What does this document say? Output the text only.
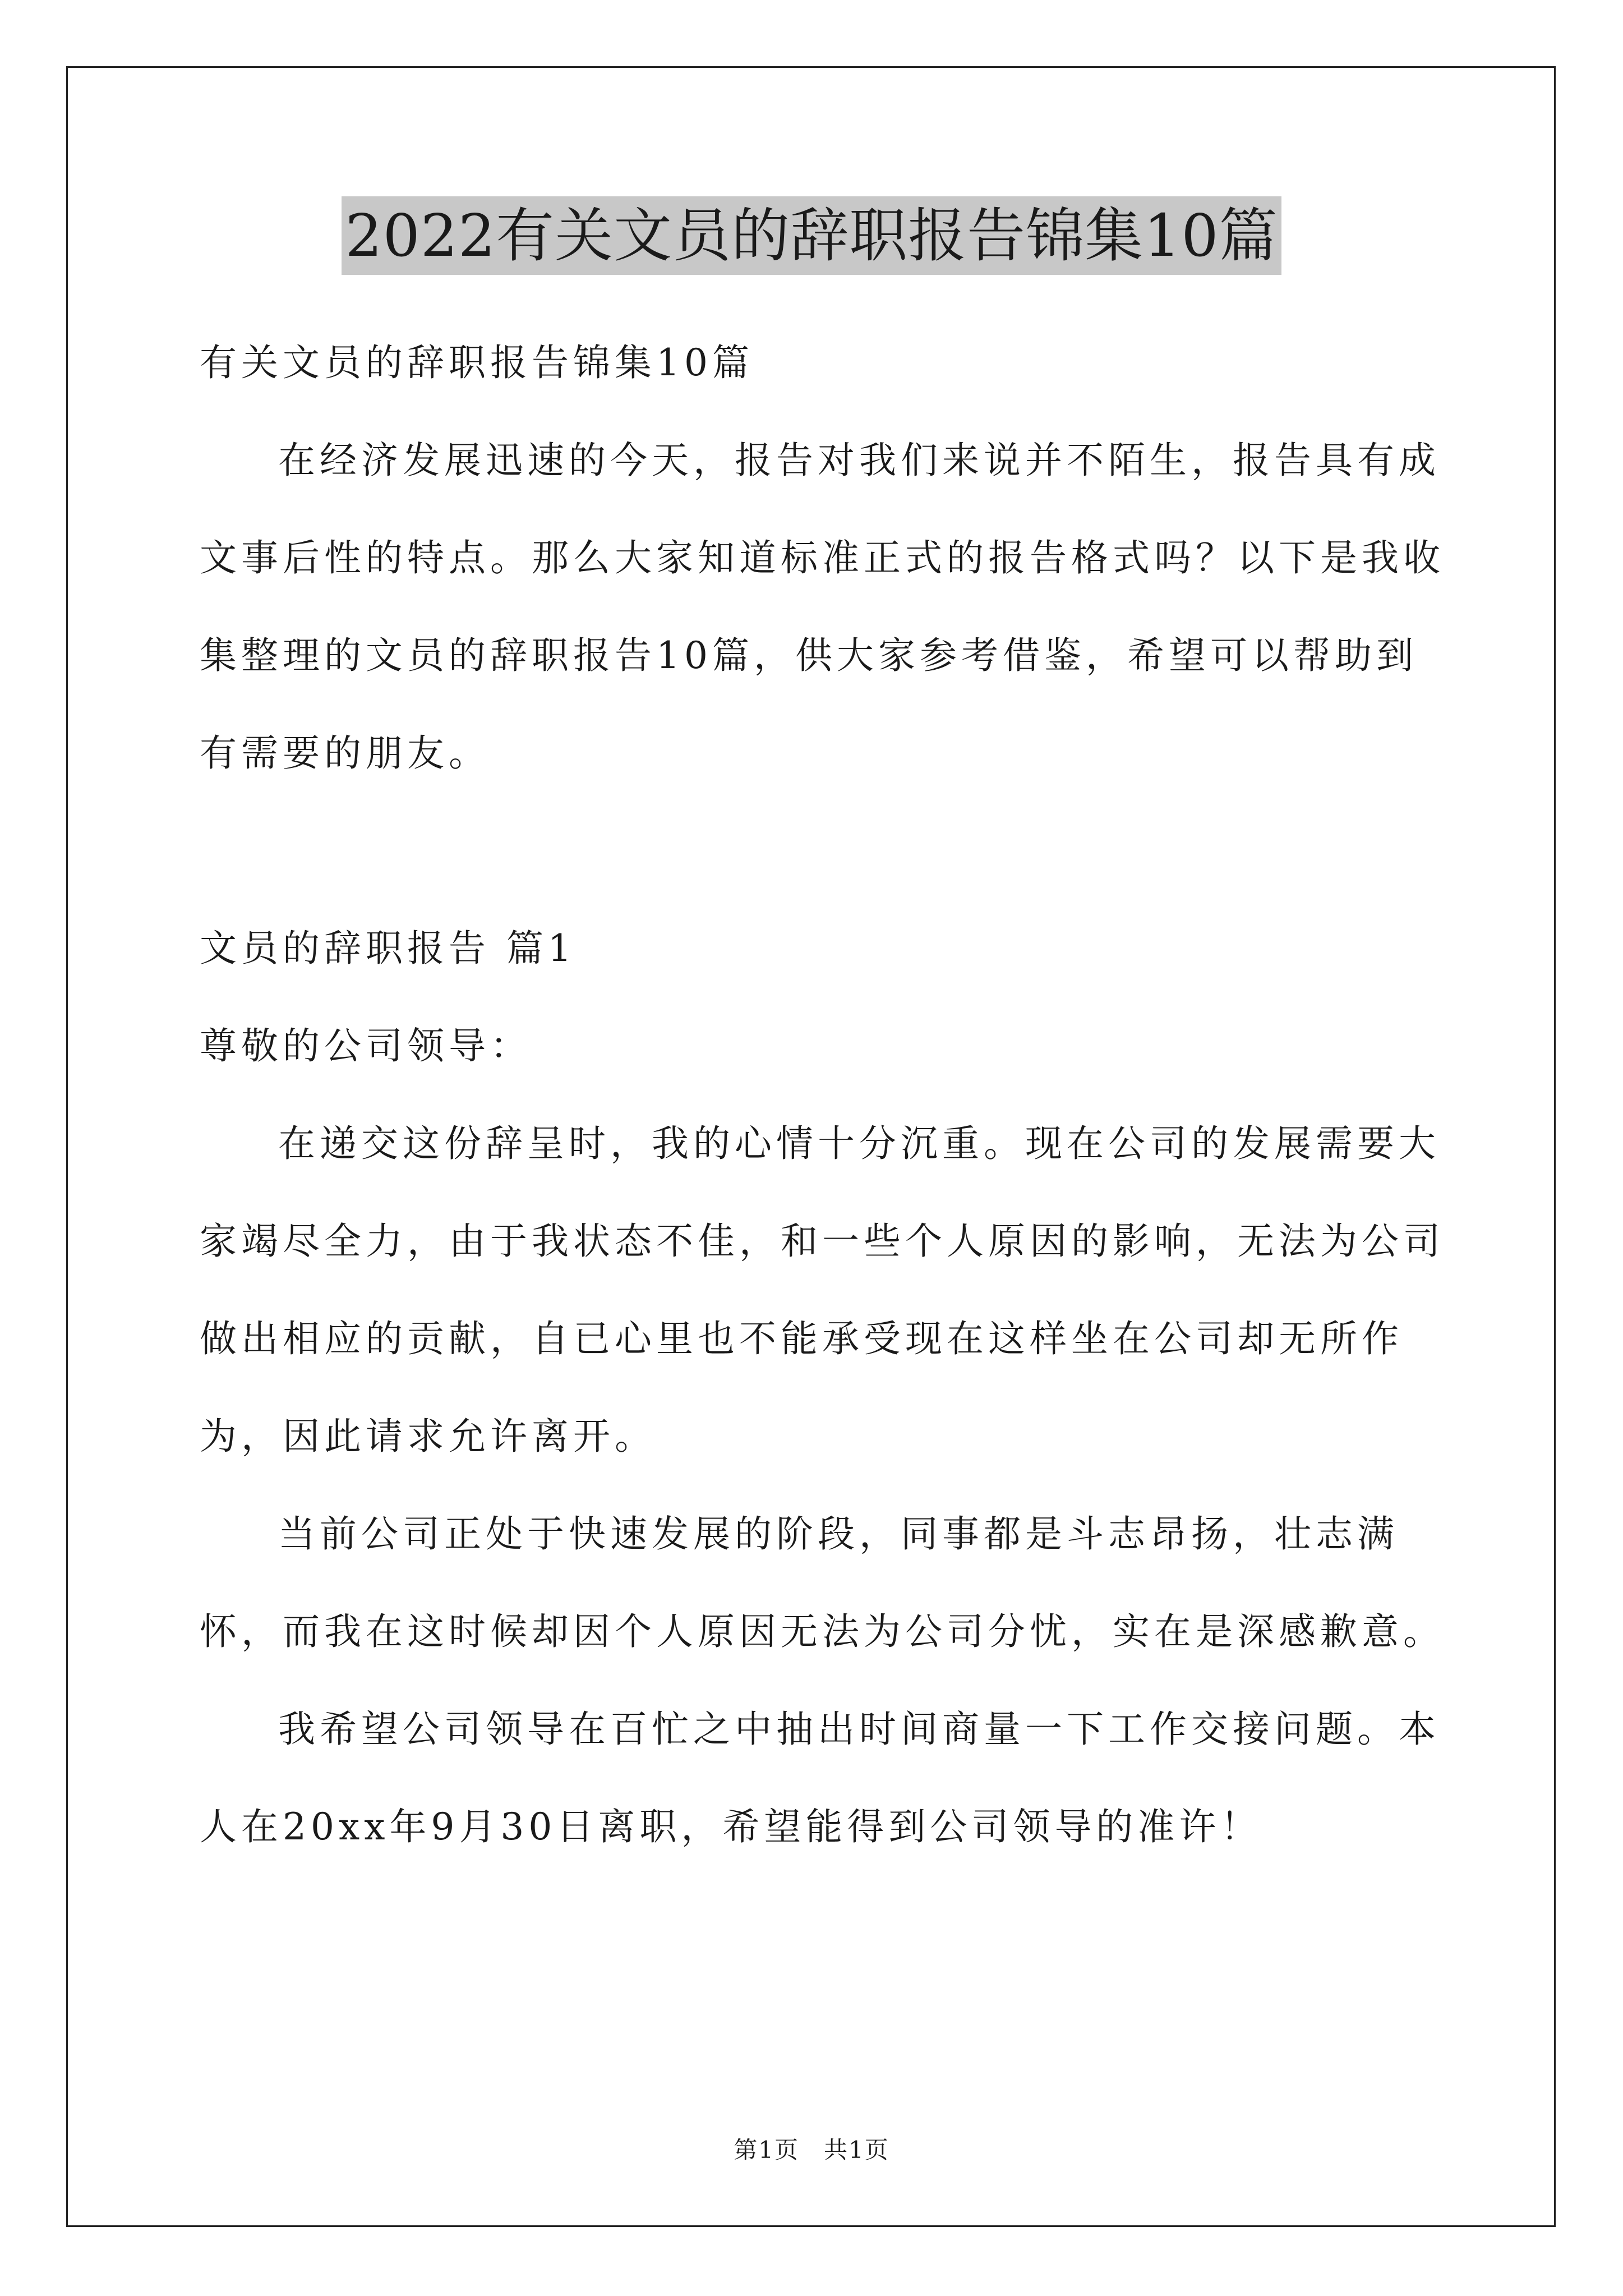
2022有关文员的辞职报告锦集10篇
有关文员的辞职报告锦集10篇
在经济发展迅速的今天，报告对我们来说并不陌生，报告具有成文事后性的特点。那么大家知道标准正式的报告格式吗？以下是我收集整理的文员的辞职报告10篇，供大家参考借鉴，希望可以帮助到有需要的朋友。
文员的辞职报告 篇1
尊敬的公司领导：
在递交这份辞呈时，我的心情十分沉重。现在公司的发展需要大家竭尽全力，由于我状态不佳，和一些个人原因的影响，无法为公司做出相应的贡献，自已心里也不能承受现在这样坐在公司却无所作为，因此请求允许离开。
当前公司正处于快速发展的阶段，同事都是斗志昂扬，壮志满怀，而我在这时候却因个人原因无法为公司分忧，实在是深感歉意。
我希望公司领导在百忙之中抽出时间商量一下工作交接问题。本人在20xx年9月30日离职，希望能得到公司领导的准许！
第1页　共1页
